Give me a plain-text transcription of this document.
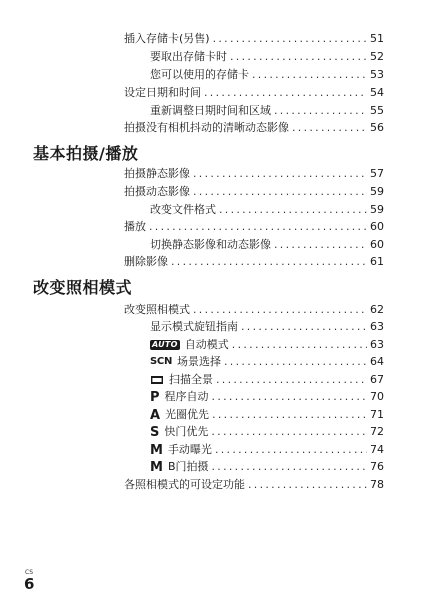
插入存储卡(另售) . . .	51
要取出存储卡时 . . .	52
您可以使用的存储卡 . . .	53
设定日期和时间 . . .	54
重新调整日期时间和区域 . . .	55
拍摄没有相机抖动的清晰动态影像 . . .	56
基本拍摄/播放
拍摄静态影像 . . .	57
拍摄动态影像 . . .	59
改变文件格式 . . .	59
播放 . . .	60
切换静态影像和动态影像 . . .	60
删除影像 . . .	61
改变照相模式
改变照相模式 . . .	62
显示模式旋钮指南 . . .	63
AUTO 自动模式 . . .	63
SCN 场景选择 . . .	64
扫描全景 . . .	67
P 程序自动 . . .	70
A 光圈优先 . . .	71
S 快门优先 . . .	72
M 手动曝光 . . .	74
M B门拍摄 . . .	76
各照相模式的可设定功能 . . .	78
CS
6
